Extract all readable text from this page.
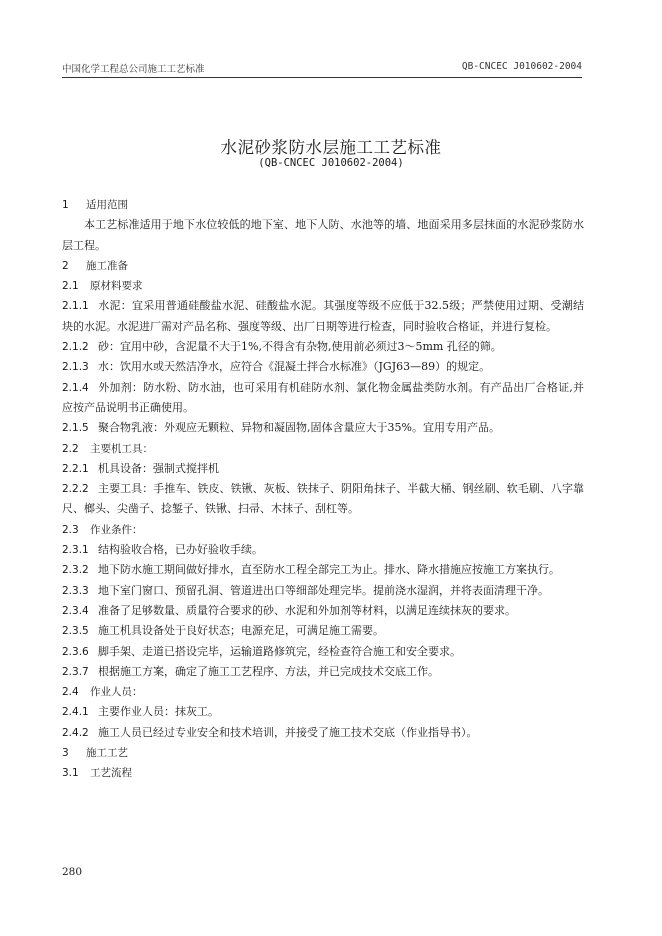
中国化学工程总公司施工工艺标准	QB-CNCEC J010602-2004
水泥砂浆防水层施工工艺标准
(QB-CNCEC J010602-2004)
1 适用范围
本工艺标准适用于地下水位较低的地下室、地下人防、水池等的墙、地面采用多层抹面的水泥砂浆防水层工程。
2 施工准备
2.1 原材料要求
2.1.1 水泥：宜采用普通硅酸盐水泥、硅酸盐水泥。其强度等级不应低于32.5级；严禁使用过期、受潮结块的水泥。水泥进厂需对产品名称、强度等级、出厂日期等进行检查，同时验收合格证，并进行复检。
2.1.2 砂：宜用中砂，含泥量不大于1%,不得含有杂物,使用前必须过3～5mm 孔径的筛。
2.1.3 水：饮用水或天然洁净水，应符合《混凝土拌合水标准》（JGJ63—89）的规定。
2.1.4 外加剂：防水粉、防水油，也可采用有机硅防水剂、氯化物金属盐类防水剂。有产品出厂合格证,并应按产品说明书正确使用。
2.1.5 聚合物乳液：外观应无颗粒、异物和凝固物,固体含量应大于35%。宜用专用产品。
2.2 主要机工具：
2.2.1 机具设备：强制式搅拌机
2.2.2 主要工具：手推车、铁皮、铁锹、灰板、铁抹子、阴阳角抹子、半截大桶、钢丝刷、软毛刷、八字靠尺、榔头、尖凿子、捻錾子、铁锹、扫帚、木抹子、刮杠等。
2.3 作业条件：
2.3.1 结构验收合格，已办好验收手续。
2.3.2 地下防水施工期间做好排水，直至防水工程全部完工为止。排水、降水措施应按施工方案执行。
2.3.3 地下室门窗口、预留孔洞、管道进出口等细部处理完毕。提前浇水湿润，并将表面清理干净。
2.3.4 准备了足够数量、质量符合要求的砂、水泥和外加剂等材料，以满足连续抹灰的要求。
2.3.5 施工机具设备处于良好状态；电源充足，可满足施工需要。
2.3.6 脚手架、走道已搭设完毕，运输道路修筑完，经检查符合施工和安全要求。
2.3.7 根据施工方案，确定了施工工艺程序、方法，并已完成技术交底工作。
2.4 作业人员：
2.4.1 主要作业人员：抹灰工。
2.4.2 施工人员已经过专业安全和技术培训，并接受了施工技术交底（作业指导书）。
3 施工工艺
3.1 工艺流程
280
